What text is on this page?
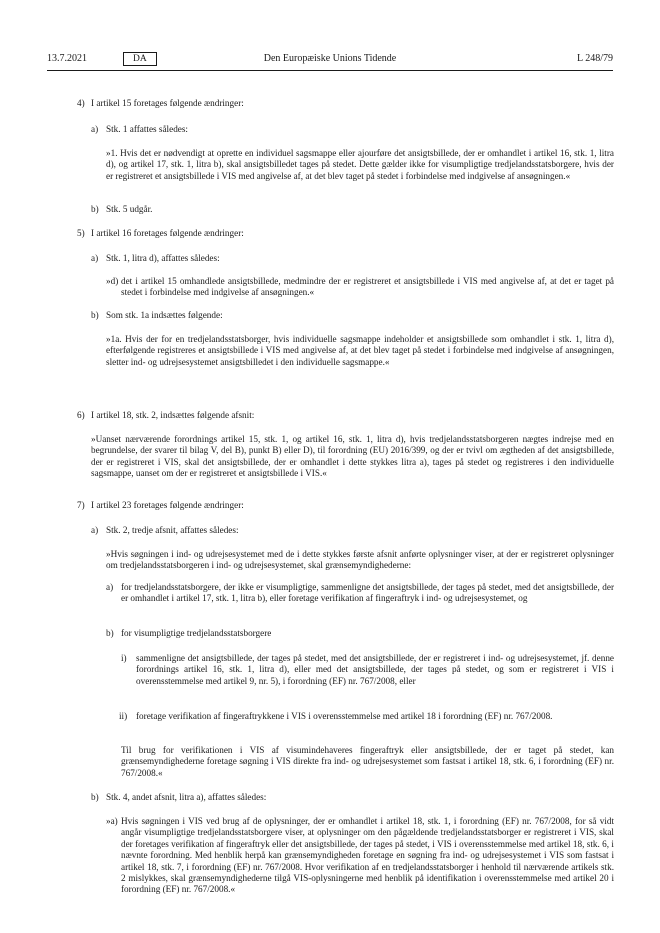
13.7.2021	DA	Den Europæiske Unions Tidende	L 248/79
4) I artikel 15 foretages følgende ændringer:

a) Stk. 1 affattes således:

»1. Hvis det er nødvendigt at oprette en individuel sagsmappe eller ajourføre det ansigtsbillede, der er omhandlet i artikel 16, stk. 1, litra d), og artikel 17, stk. 1, litra b), skal ansigtsbilledet tages på stedet. Dette gælder ikke for visumpligtige tredjelandsstatsborgere, hvis der er registreret et ansigtsbillede i VIS med angivelse af, at det blev taget på stedet i forbindelse med indgivelse af ansøgningen.«

b) Stk. 5 udgår.

5) I artikel 16 foretages følgende ændringer:

a) Stk. 1, litra d), affattes således:

»d) det i artikel 15 omhandlede ansigtsbillede, medmindre der er registreret et ansigtsbillede i VIS med angivelse af, at det er taget på stedet i forbindelse med indgivelse af ansøgningen.«

b) Som stk. 1a indsættes følgende:

»1a. Hvis der for en tredjelandsstatsborger, hvis individuelle sagsmappe indeholder et ansigtsbillede som omhandlet i stk. 1, litra d), efterfølgende registreres et ansigtsbillede i VIS med angivelse af, at det blev taget på stedet i forbindelse med indgivelse af ansøgningen, sletter ind- og udrejsesystemet ansigtsbilledet i den individuelle sagsmappe.«

6) I artikel 18, stk. 2, indsættes følgende afsnit:

»Uanset nærværende forordnings artikel 15, stk. 1, og artikel 16, stk. 1, litra d), hvis tredjelandsstatsborgeren nægtes indrejse med en begrundelse, der svarer til bilag V, del B), punkt B) eller D), til forordning (EU) 2016/399, og der er tvivl om ægtheden af det ansigtsbillede, der er registreret i VIS, skal det ansigtsbillede, der er omhandlet i dette stykkes litra a), tages på stedet og registreres i den individuelle sagsmappe, uanset om der er registreret et ansigtsbillede i VIS.«

7) I artikel 23 foretages følgende ændringer:

a) Stk. 2, tredje afsnit, affattes således:

»Hvis søgningen i ind- og udrejsesystemet med de i dette stykkes første afsnit anførte oplysninger viser, at der er registreret oplysninger om tredjelandsstatsborgeren i ind- og udrejsesystemet, skal grænsemyndighederne:

a) for tredjelandsstatsborgere, der ikke er visumpligtige, sammenligne det ansigtsbillede, der tages på stedet, med det ansigtsbillede, der er omhandlet i artikel 17, stk. 1, litra b), eller foretage verifikation af fingeraftryk i ind- og udrejsesystemet, og

b) for visumpligtige tredjelandsstatsborgere

i) sammenligne det ansigtsbillede, der tages på stedet, med det ansigtsbillede, der er registreret i ind- og udrejsesystemet, jf. denne forordnings artikel 16, stk. 1, litra d), eller med det ansigtsbillede, der tages på stedet, og som er registreret i VIS i overensstemmelse med artikel 9, nr. 5), i forordning (EF) nr. 767/2008, eller

ii) foretage verifikation af fingeraftrykkene i VIS i overensstemmelse med artikel 18 i forordning (EF) nr. 767/2008.

Til brug for verifikationen i VIS af visumindehaveres fingeraftryk eller ansigtsbillede, der er taget på stedet, kan grænsemyndighederne foretage søgning i VIS direkte fra ind- og udrejsesystemet som fastsat i artikel 18, stk. 6, i forordning (EF) nr. 767/2008.«

b) Stk. 4, andet afsnit, litra a), affattes således:

»a) Hvis søgningen i VIS ved brug af de oplysninger, der er omhandlet i artikel 18, stk. 1, i forordning (EF) nr. 767/2008, for så vidt angår visumpligtige tredjelandsstatsborgere viser, at oplysninger om den pågældende tredjelandsstatsborger er registreret i VIS, skal der foretages verifikation af fingeraftryk eller det ansigtsbillede, der tages på stedet, i VIS i overensstemmelse med artikel 18, stk. 6, i nævnte forordning. Med henblik herpå kan grænsemyndigheden foretage en søgning fra ind- og udrejsesystemet i VIS som fastsat i artikel 18, stk. 7, i forordning (EF) nr. 767/2008. Hvor verifikation af en tredjelandsstatsborger i henhold til nærværende artikels stk. 2 mislykkes, skal grænsemyndighederne tilgå VIS-oplysningerne med henblik på identifikation i overensstemmelse med artikel 20 i forordning (EF) nr. 767/2008.«
